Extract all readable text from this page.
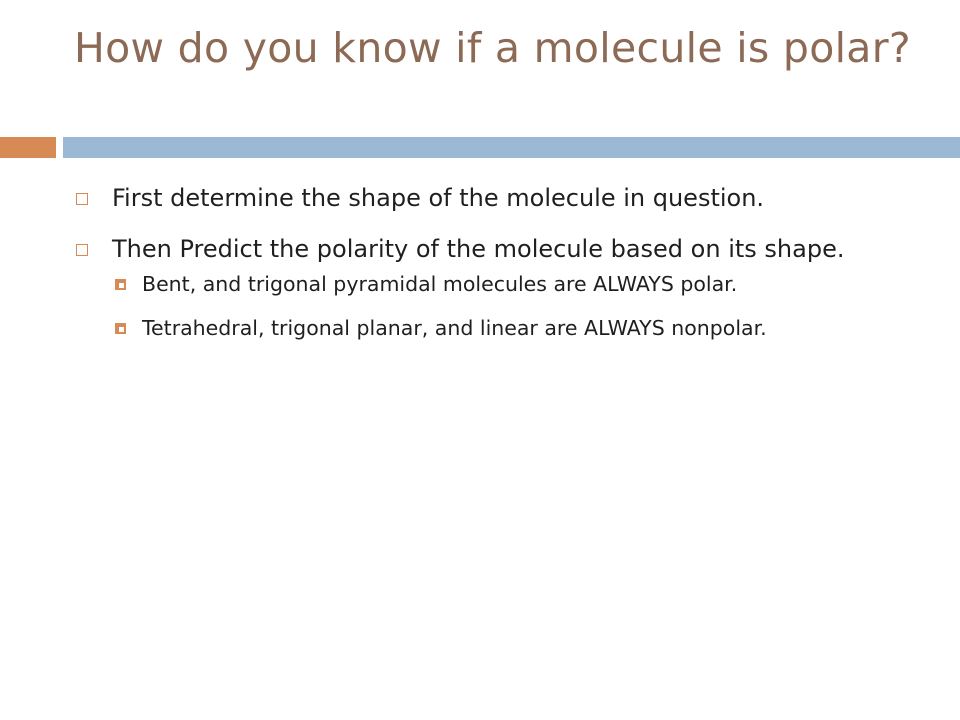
How do you know if a molecule is polar?
First determine the shape of the molecule in question.
Then Predict the polarity of the molecule based on its shape.
Bent, and trigonal pyramidal molecules are ALWAYS polar.
Tetrahedral, trigonal planar, and linear are ALWAYS nonpolar.
